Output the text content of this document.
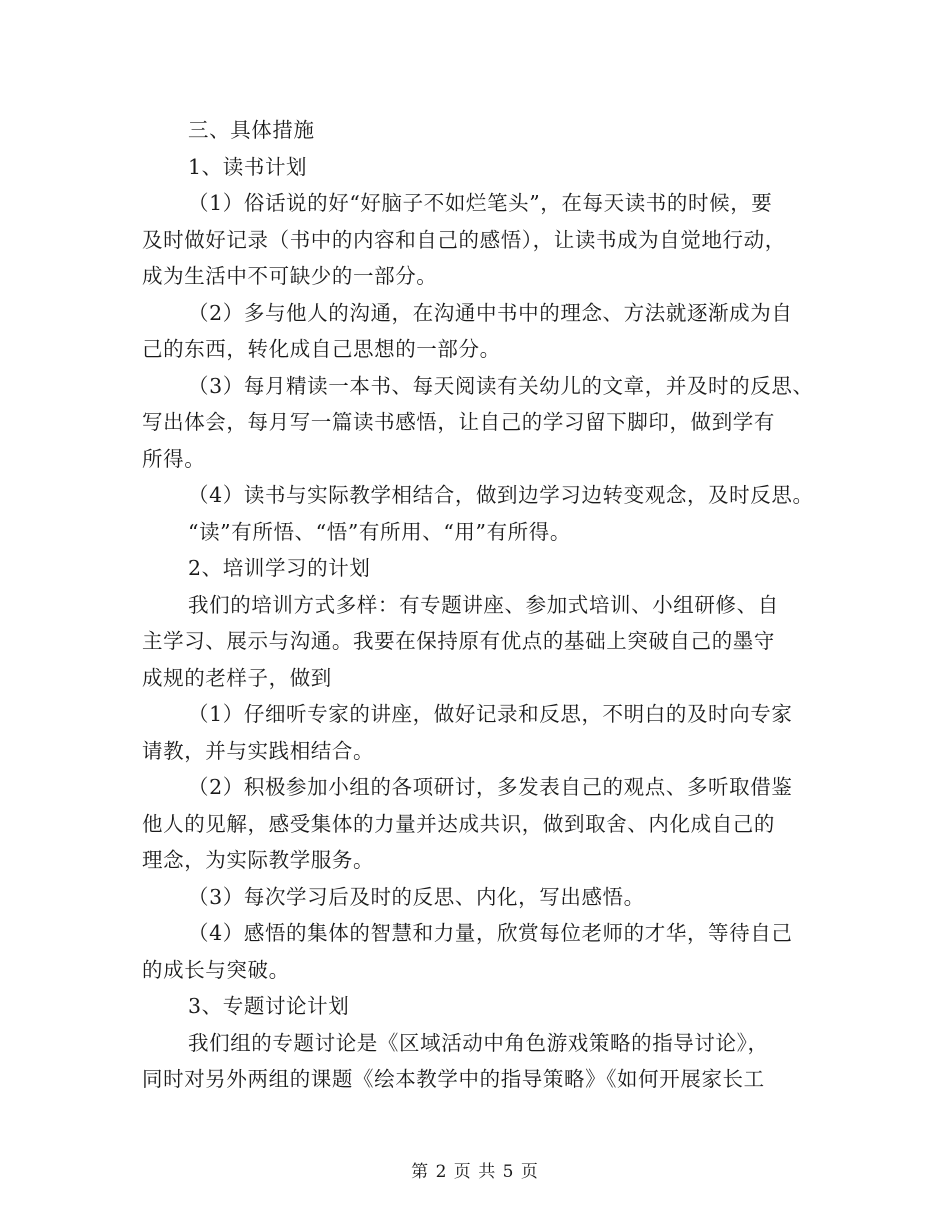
三、具体措施
1、读书计划
（1）俗话说的好“好脑子不如烂笔头”，在每天读书的时候，要
及时做好记录（书中的内容和自己的感悟），让读书成为自觉地行动，
成为生活中不可缺少的一部分。
（2）多与他人的沟通，在沟通中书中的理念、方法就逐渐成为自
己的东西，转化成自己思想的一部分。
（3）每月精读一本书、每天阅读有关幼儿的文章，并及时的反思、
写出体会，每月写一篇读书感悟，让自己的学习留下脚印，做到学有
所得。
（4）读书与实际教学相结合，做到边学习边转变观念，及时反思。
“读”有所悟、“悟”有所用、“用”有所得。
2、培训学习的计划
我们的培训方式多样：有专题讲座、参加式培训、小组研修、自
主学习、展示与沟通。我要在保持原有优点的基础上突破自己的墨守
成规的老样子，做到
（1）仔细听专家的讲座，做好记录和反思，不明白的及时向专家
请教，并与实践相结合。
（2）积极参加小组的各项研讨，多发表自己的观点、多听取借鉴
他人的见解，感受集体的力量并达成共识，做到取舍、内化成自己的
理念，为实际教学服务。
（3）每次学习后及时的反思、内化，写出感悟。
（4）感悟的集体的智慧和力量，欣赏每位老师的才华，等待自己
的成长与突破。
3、专题讨论计划
我们组的专题讨论是《区域活动中角色游戏策略的指导讨论》，
同时对另外两组的课题《绘本教学中的指导策略》《如何开展家长工
第 2 页 共 5 页
